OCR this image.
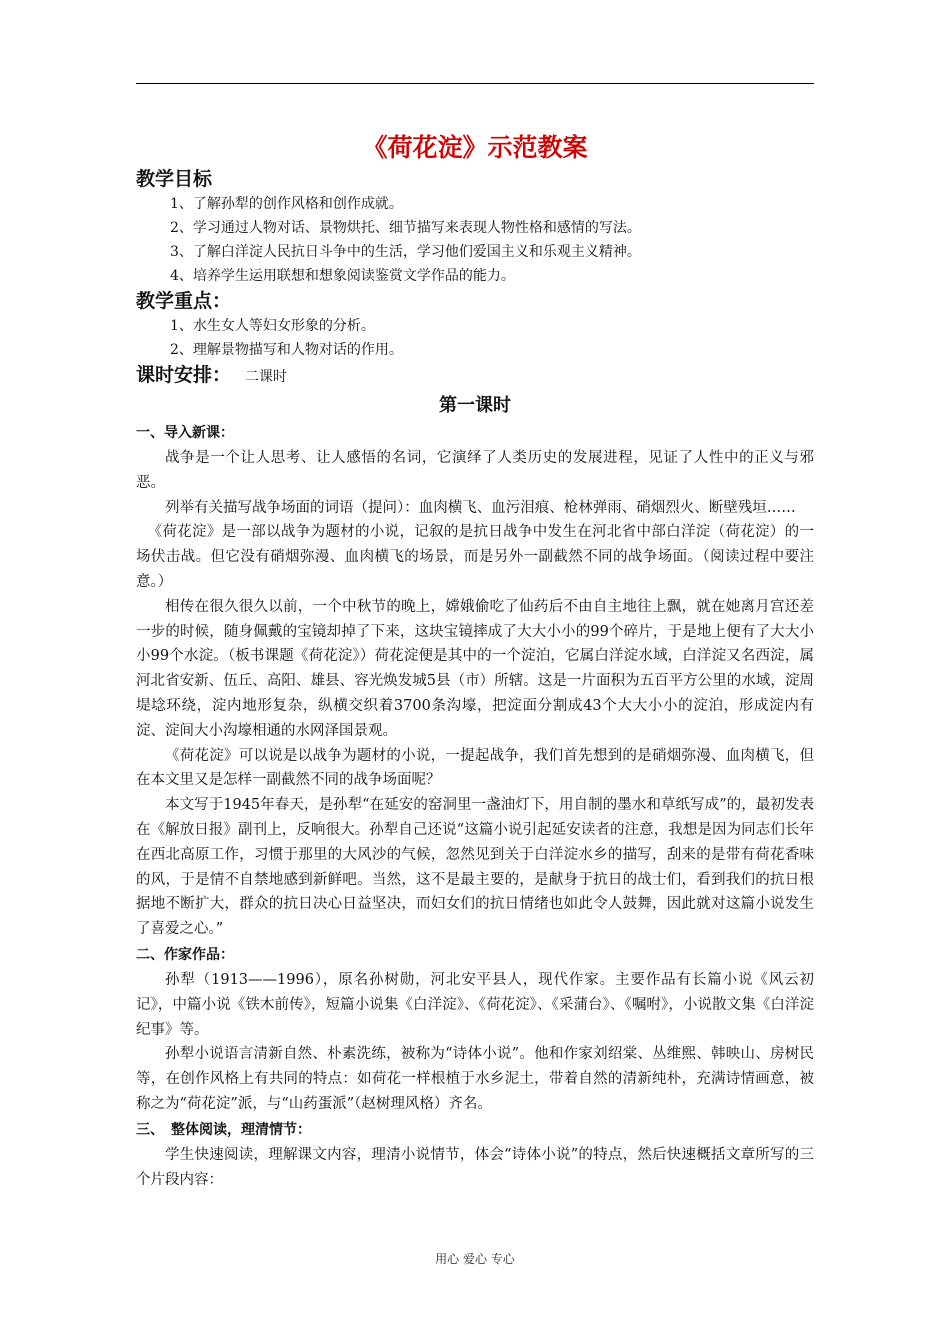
《荷花淀》示范教案
教学目标

1、了解孙犁的创作风格和创作成就。

2、学习通过人物对话、景物烘托、细节描写来表现人物性格和感情的写法。

3、了解白洋淀人民抗日斗争中的生活，学习他们爱国主义和乐观主义精神。

4、培养学生运用联想和想象阅读鉴赏文学作品的能力。

教学重点：

1、水生女人等妇女形象的分析。

2、理解景物描写和人物对话的作用。

课时安排： 二课时
第一课时
一、导入新课：

战争是一个让人思考、让人感悟的名词，它演绎了人类历史的发展进程，见证了人性中的正义与邪恶。

列举有关描写战争场面的词语（提问）：血肉横飞、血污泪痕、枪林弹雨、硝烟烈火、断壁残垣……

《荷花淀》是一部以战争为题材的小说，记叙的是抗日战争中发生在河北省中部白洋淀（荷花淀）的一场伏击战。但它没有硝烟弥漫、血肉横飞的场景，而是另外一副截然不同的战争场面。（阅读过程中要注意。）

相传在很久很久以前，一个中秋节的晚上，嫦娥偷吃了仙药后不由自主地往上飘，就在她离月宫还差一步的时候，随身佩戴的宝镜却掉了下来，这块宝镜摔成了大大小小的99个碎片，于是地上便有了大大小小99个水淀。（板书课题《荷花淀》）荷花淀便是其中的一个淀泊，它属白洋淀水域，白洋淀又名西淀，属河北省安新、伍丘、高阳、雄县、容光焕发城5县（市）所辖。这是一片面积为五百平方公里的水域，淀周堤埝环绕，淀内地形复杂，纵横交织着3700条沟壕，把淀面分割成43个大大小小的淀泊，形成淀内有淀、淀间大小沟壕相通的水网泽国景观。

《荷花淀》可以说是以战争为题材的小说，一提起战争，我们首先想到的是硝烟弥漫、血肉横飞，但在本文里又是怎样一副截然不同的战争场面呢？

本文写于1945年春天，是孙犁“在延安的窑洞里一盏油灯下，用自制的墨水和草纸写成”的，最初发表在《解放日报》副刊上，反响很大。孙犁自己还说“这篇小说引起延安读者的注意，我想是因为同志们长年在西北高原工作，习惯于那里的大风沙的气候，忽然见到关于白洋淀水乡的描写，刮来的是带有荷花香味的风，于是情不自禁地感到新鲜吧。当然，这不是最主要的，是献身于抗日的战士们，看到我们的抗日根据地不断扩大，群众的抗日决心日益坚决，而妇女们的抗日情绪也如此令人鼓舞，因此就对这篇小说发生了喜爱之心。”

二、作家作品：

孙犁（1913——1996），原名孙树勋，河北安平县人，现代作家。主要作品有长篇小说《风云初记》，中篇小说《铁木前传》，短篇小说集《白洋淀》、《荷花淀》、《采蒲台》、《嘱咐》，小说散文集《白洋淀纪事》等。

孙犁小说语言清新自然、朴素洗练，被称为“诗体小说”。他和作家刘绍棠、丛维熙、韩映山、房树民等，在创作风格上有共同的特点：如荷花一样根植于水乡泥土，带着自然的清新纯朴，充满诗情画意，被称之为“荷花淀”派，与“山药蛋派”（赵树理风格）齐名。

三、　整体阅读，理清情节：

学生快速阅读，理解课文内容，理清小说情节，体会“诗体小说”的特点，然后快速概括文章所写的三个片段内容：

用心 爱心 专心
